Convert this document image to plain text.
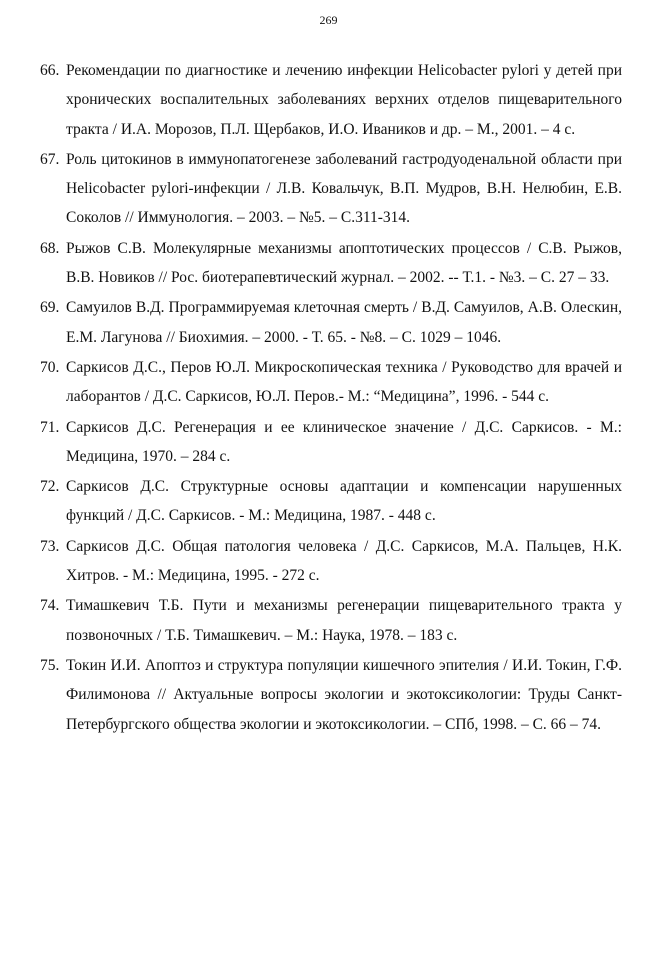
269
66. Рекомендации по диагностике и лечению инфекции Helicobacter pylori у детей при хронических воспалительных заболеваниях верхних отделов пищеварительного тракта / И.А. Морозов, П.Л. Щербаков, И.О. Иваников и др. – М., 2001. – 4 с.
67. Роль цитокинов в иммунопатогенезе заболеваний гастродуоденальной области при Helicobacter pylori-инфекции / Л.В. Ковальчук, В.П. Мудров, В.Н. Нелюбин, Е.В. Соколов // Иммунология. – 2003. – №5. – С.311-314.
68. Рыжов С.В. Молекулярные механизмы апоптотических процессов / С.В. Рыжов, В.В. Новиков // Рос. биотерапевтический журнал. – 2002. -- Т.1. - №3. – С. 27 – 33.
69. Самуилов В.Д. Программируемая клеточная смерть / В.Д. Самуилов, А.В. Олескин, Е.М. Лагунова // Биохимия. – 2000. - Т. 65. - №8. – С. 1029 – 1046.
70. Саркисов Д.С., Перов Ю.Л. Микроскопическая техника / Руководство для врачей и лаборантов / Д.С. Саркисов, Ю.Л. Перов.- М.: “Медицина”, 1996. - 544 с.
71. Саркисов Д.С. Регенерация и ее клиническое значение / Д.С. Саркисов. - М.: Медицина, 1970. – 284 с.
72. Саркисов Д.С. Структурные основы адаптации и компенсации нарушенных функций / Д.С. Саркисов. - М.: Медицина, 1987. - 448 с.
73. Саркисов Д.С. Общая патология человека / Д.С. Саркисов, М.А. Пальцев, Н.К. Хитров. - М.: Медицина, 1995. - 272 с.
74. Тимашкевич Т.Б. Пути и механизмы регенерации пищеварительного тракта у позвоночных / Т.Б. Тимашкевич. – М.: Наука, 1978. – 183 с.
75. Токин И.И. Апоптоз и структура популяции кишечного эпителия / И.И. Токин, Г.Ф. Филимонова // Актуальные вопросы экологии и экотоксикологии: Труды Санкт-Петербургского общества экологии и экотоксикологии. – СПб, 1998. – С. 66 – 74.
